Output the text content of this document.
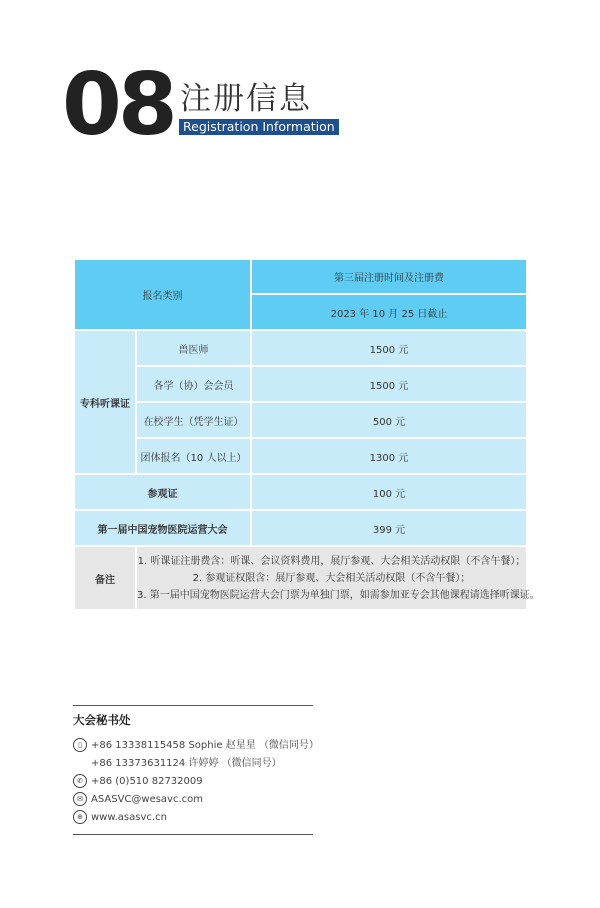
08 注册信息
Registration Information
报名类别		第三届注册时间及注册费
		2023 年 10 月 25 日截止
专科听课证	兽医师	1500 元
	各学（协）会会员	1500 元
	在校学生（凭学生证）	500 元
	团体报名（10 人以上）	1300 元
参观证		100 元
第一届中国宠物医院运营大会		399 元
备注	1. 听课证注册费含：听课、会议资料费用，展厅参观、大会相关活动权限（不含午餐）；
2. 参观证权限含：展厅参观、大会相关活动权限（不含午餐）；
3. 第一届中国宠物医院运营大会门票为单独门票，如需参加亚专会其他课程请选择听课证。	
大会秘书处
▯ +86 13338115458 Sophie 赵星星 （微信同号）
+86 13373631124 许婷婷 （微信同号）
✆ +86 (0)510 82732009
✉ ASASVC@wesavc.com
⊕ www.asasvc.cn
